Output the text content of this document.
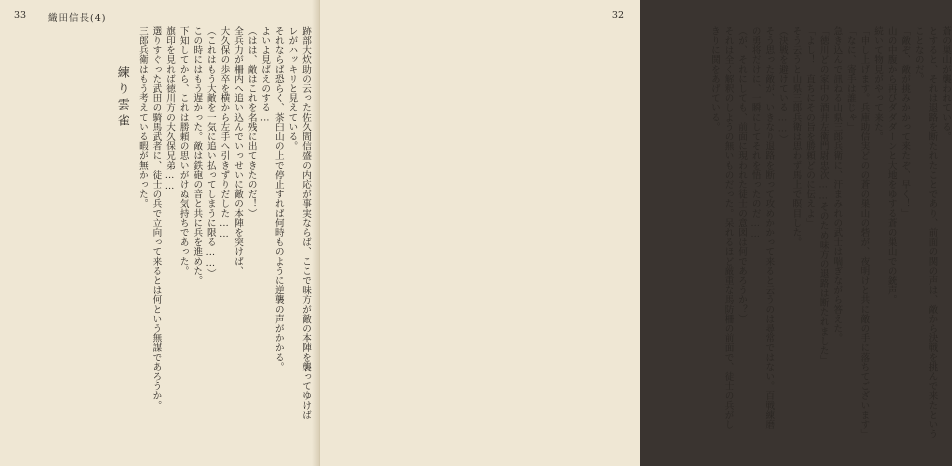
33 織田信長(4)

跡部大炊助の云った佐久間信盛の内応が事実ならば、ここで味方が敵の本陣を襲ってゆけば

レがハッキリと見えている。

それならば恐らく、茶臼山の上で停止すれば何時ものように逆襲の声がかかる。

よいよ見ばえのする…

（はは、敵はこれを名残に出てきたのだ！）

全兵力が柵内へ追い込んでいっせいに敵の本陣を突けば、

大久保の歩卒を横から左手へ引きずりだした……

（これはもう大敵を一気に追い払ってしまうに限る……）

この時にはもう遅かった。敵は鉄砲の音と共に兵を進めた。

下知してから、これは勝頼の思いがけぬ気持ちであった。

旗印を見れば徳川方の大久保兄弟……

選りすぐった武田の騎馬武者に、徒士の兵で立向って来るとは何という無謀であろうか。

三郎兵衛はもう考えている暇が無かった。

練り雲雀

32

蒼の巣山が襲われている。

とすると、それは退路を断たれたことであり、前面の関の声は、敵から決戦を挑んで来たという

ことなのだ。

「敵ぞ、敵が挑みかかって来たぞ、早く！」

山の中腹から再びダダダーンと大地をゆする蒼の巣山での銃声。

続いて物見がやって来た。

「申し上げます。兵庫助信実どのの蒼の巣山の砦が、夜明けと共に敵の手に落ちてございます」

「なに、寄手は誰じゃ」

急き込んで訊ねる山県三郎兵衛に、汗まみれの武士は喘ぎながら答えた。

「徳川どの家中の酒井左衛門尉忠次……そのため味方の退路は断たれました」

「よし！　直ちにその旨を勝頼どのに伝えよ」

そう云うと山県三郎兵衛は思わず馬上で瞑目した。

（決戦を避けている……）

そう思った敵が、いきなり退路を断って攻めかかって来ると云うのは尋常ではない。百戦練磨

の勇将だけに、一瞬にしてそれを悟ったのだ……

（が、それにしても、前面に現われた徒士の意図は何であろうか？）

それは全く解釈のしようの無いものだった。呆れるほど厳重な馬防柵の前面で、徒士の兵がし

きりに鬨をあげている。
